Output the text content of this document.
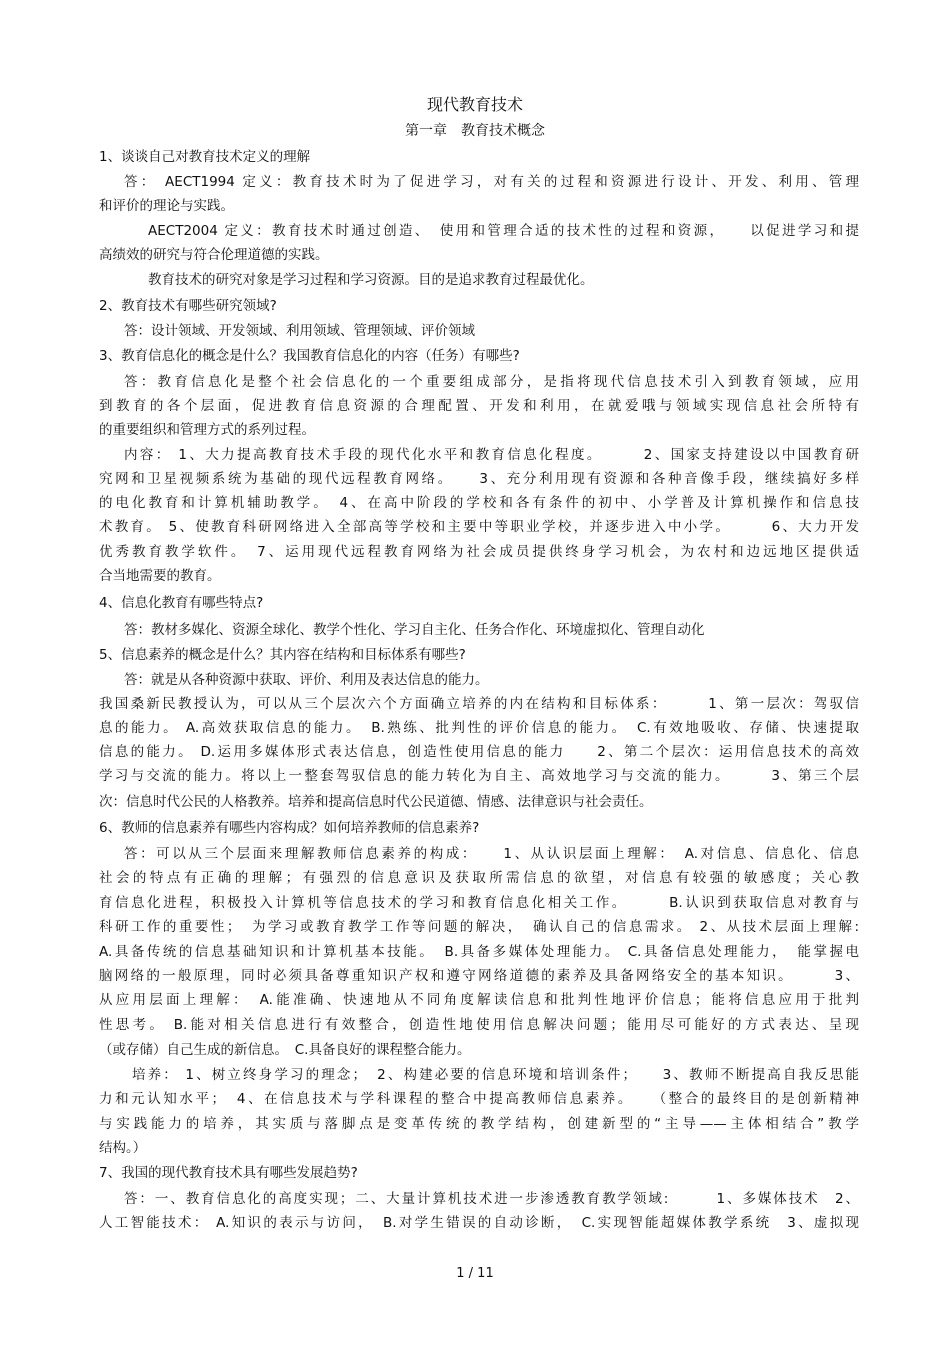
现代教育技术
第一章　教育技术概念
1、谈谈自己对教育技术定义的理解
答： AECT1994 定义：教育技术时为了促进学习，对有关的过程和资源进行设计、开发、利用、管理
和评价的理论与实践。
AECT2004 定义：教育技术时通过创造、　使用和管理合适的技术性的过程和资源，　　以促进学习和提
高绩效的研究与符合伦理道德的实践。
教育技术的研究对象是学习过程和学习资源。目的是追求教育过程最优化。
2、教育技术有哪些研究领域?
答：设计领域、开发领域、利用领域、管理领域、评价领域
3、教育信息化的概念是什么？我国教育信息化的内容（任务）有哪些?
答：教育信息化是整个社会信息化的一个重要组成部分，是指将现代信息技术引入到教育领域，应用
到教育的各个层面，促进教育信息资源的合理配置、开发和利用，在就爱哦与领域实现信息社会所特有
的重要组织和管理方式的系列过程。
内容： 1、大力提高教育技术手段的现代化水平和教育信息化程度。　　　2、国家支持建设以中国教育研
究网和卫星视频系统为基础的现代远程教育网络。　　3、充分利用现有资源和各种音像手段，继续搞好多样
的电化教育和计算机辅助教学。　4、在高中阶段的学校和各有条件的初中、小学普及计算机操作和信息技
术教育。 5、使教育科研网络进入全部高等学校和主要中等职业学校，并逐步进入中小学。　　　6、大力开发
优秀教育教学软件。　7、运用现代远程教育网络为社会成员提供终身学习机会，为农村和边远地区提供适
合当地需要的教育。
4、信息化教育有哪些特点?
答：教材多媒化、资源全球化、教学个性化、学习自主化、任务合作化、环境虚拟化、管理自动化
5、信息素养的概念是什么？其内容在结构和目标体系有哪些?
答：就是从各种资源中获取、评价、利用及表达信息的能力。
我国桑新民教授认为，可以从三个层次六个方面确立培养的内在结构和目标体系：　　　1、第一层次：驾驭信
息的能力。 A.高效获取信息的能力。　B.熟练、批判性的评价信息的能力。　C.有效地吸收、存储、快速提取
信息的能力。 D.运用多媒体形式表达信息，创造性使用信息的能力　　2、第二个层次：运用信息技术的高效
学习与交流的能力。将以上一整套驾驭信息的能力转化为自主、高效地学习与交流的能力。　　　3、第三个层
次：信息时代公民的人格教养。培养和提高信息时代公民道德、情感、法律意识与社会责任。
6、教师的信息素养有哪些内容构成？如何培养教师的信息素养?
答：可以从三个层面来理解教师信息素养的构成：　　1、从认识层面上理解：　A.对信息、信息化、信息
社会的特点有正确的理解；有强烈的信息意识及获取所需信息的欲望，对信息有较强的敏感度；关心教
育信息化进程，积极投入计算机等信息技术的学习和教育信息化相关工作。　　　B.认识到获取信息对教育与
科研工作的重要性；　为学习或教育教学工作等问题的解决，　确认自己的信息需求。 2、从技术层面上理解:
A.具备传统的信息基础知识和计算机基本技能。　B.具备多媒体处理能力。 C.具备信息处理能力，　能掌握电
脑网络的一般原理，同时必须具备尊重知识产权和遵守网络道德的素养及具备网络安全的基本知识。　　　3、
从应用层面上理解：　A.能准确、快速地从不同角度解读信息和批判性地评价信息；能将信息应用于批判
性思考。 B.能对相关信息进行有效整合，创造性地使用信息解决问题；能用尽可能好的方式表达、呈现
（或存储）自己生成的新信息。　C.具备良好的课程整合能力。
培养： 1、树立终身学习的理念；　2、构建必要的信息环境和培训条件；　　3、教师不断提高自我反思能
力和元认知水平；　4、在信息技术与学科课程的整合中提高教师信息素养。　　（整合的最终目的是创新精神
与实践能力的培养，其实质与落脚点是变革传统的教学结构，创建新型的“主导——主体相结合”教学
结构。）
7、我国的现代教育技术具有哪些发展趋势?
答：一、教育信息化的高度实现；二、大量计算机技术进一步渗透教育教学领域:　　　1、多媒体技术　2、
人工智能技术： A.知识的表示与访问，　B.对学生错误的自动诊断，　C.实现智能超媒体教学系统　3、虚拟现
1 / 11
